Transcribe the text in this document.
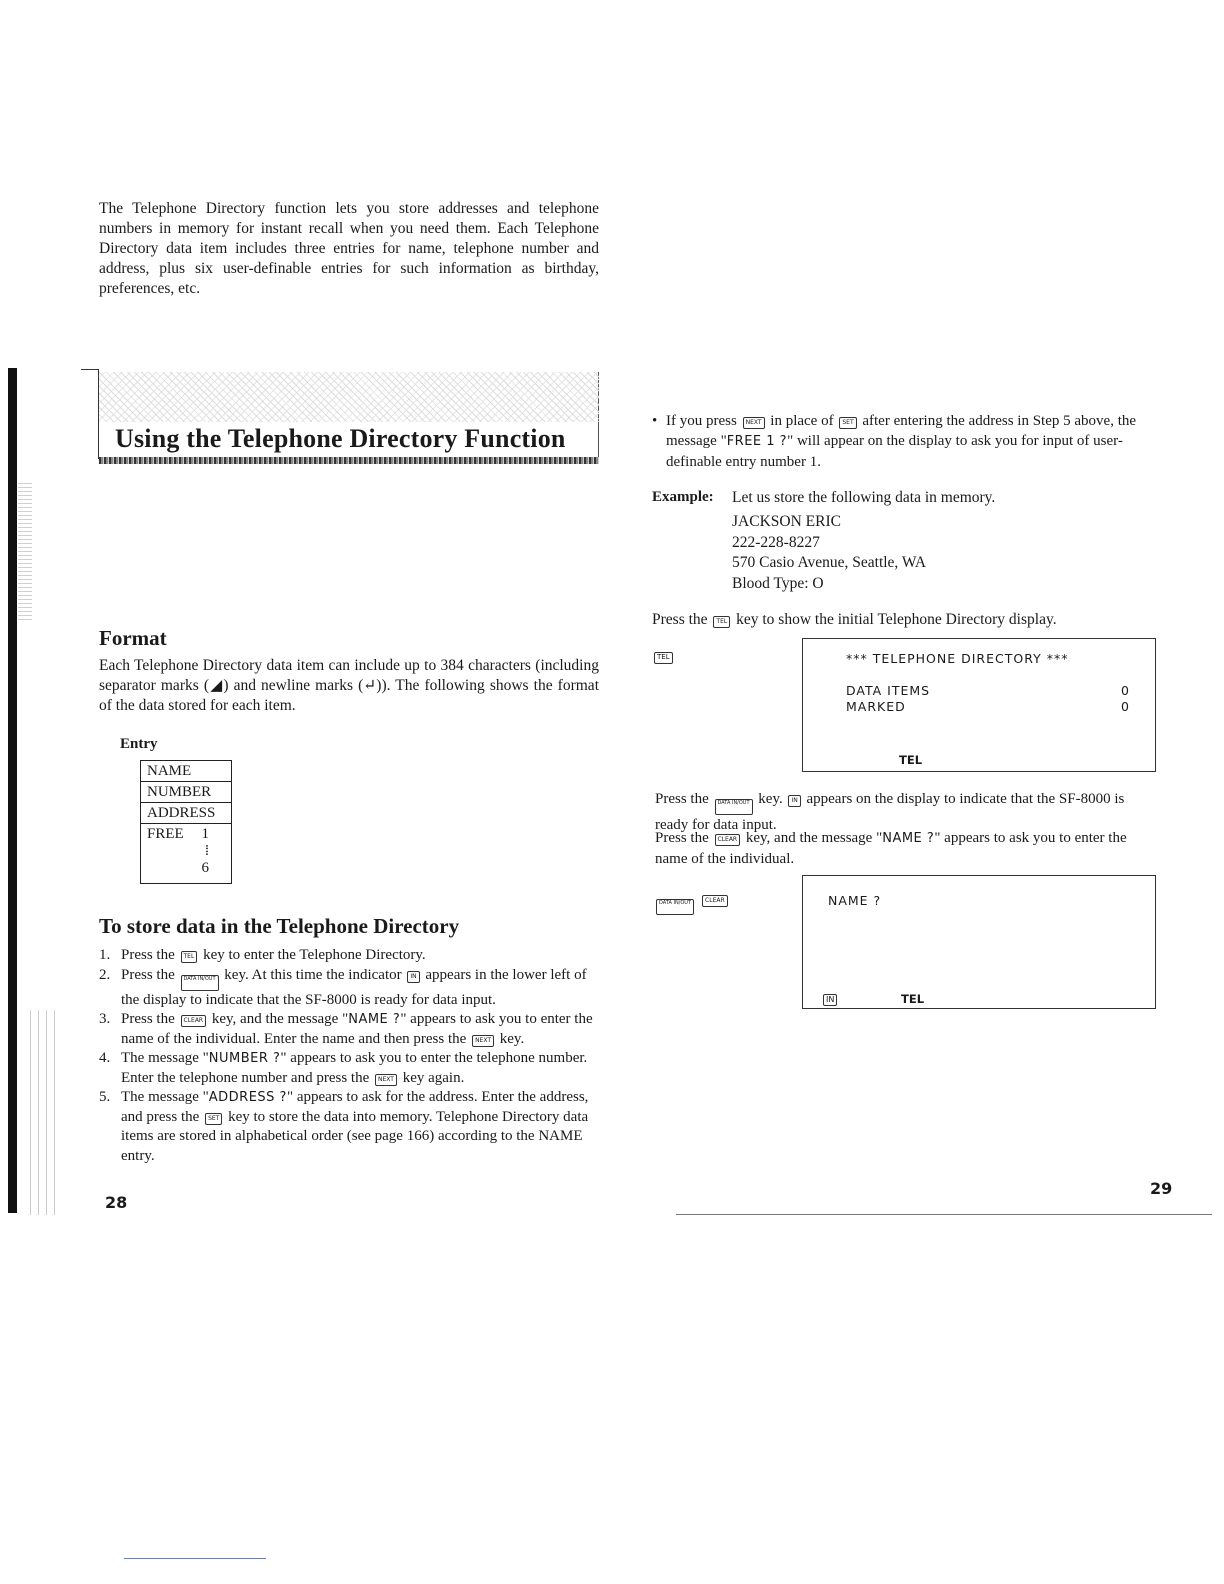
Using the Telephone Directory Function
The Telephone Directory function lets you store addresses and telephone numbers in memory for instant recall when you need them. Each Telephone Directory data item includes three entries for name, telephone number and address, plus six user-definable entries for such information as birthday, preferences, etc.
Format
Each Telephone Directory data item can include up to 384 characters (including separator marks (◢) and newline marks (↵)). The following shows the format of the data stored for each item.
Entry
NAME
NUMBER
ADDRESS
FREE 1
⁞
6
To store data in the Telephone Directory
1. Press the TEL key to enter the Telephone Directory.
2. Press the DATA IN/OUT key. At this time the indicator IN appears in the lower left of the display to indicate that the SF-8000 is ready for data input.
3. Press the CLEAR key, and the message "NAME ?" appears to ask you to enter the name of the individual. Enter the name and then press the NEXT key.
4. The message "NUMBER ?" appears to ask you to enter the telephone number. Enter the telephone number and press the NEXT key again.
5. The message "ADDRESS ?" appears to ask for the address. Enter the address, and press the SET key to store the data into memory. Telephone Directory data items are stored in alphabetical order (see page 166) according to the NAME entry.
28
• If you press NEXT in place of SET after entering the address in Step 5 above, the message "FREE 1 ?" will appear on the display to ask you for input of user-definable entry number 1.
Example: Let us store the following data in memory.
JACKSON ERIC
222-228-8227
570 Casio Avenue, Seattle, WA
Blood Type: O
Press the TEL key to show the initial Telephone Directory display.
TEL	*** TELEPHONE DIRECTORY ***
DATA ITEMS	0
MARKED	0
TEL
Press the DATA IN/OUT key. IN appears on the display to indicate that the SF-8000 is ready for data input.
Press the CLEAR key, and the message "NAME ?" appears to ask you to enter the name of the individual.
DATA IN/OUT CLEAR	NAME ?
IN	TEL
29
